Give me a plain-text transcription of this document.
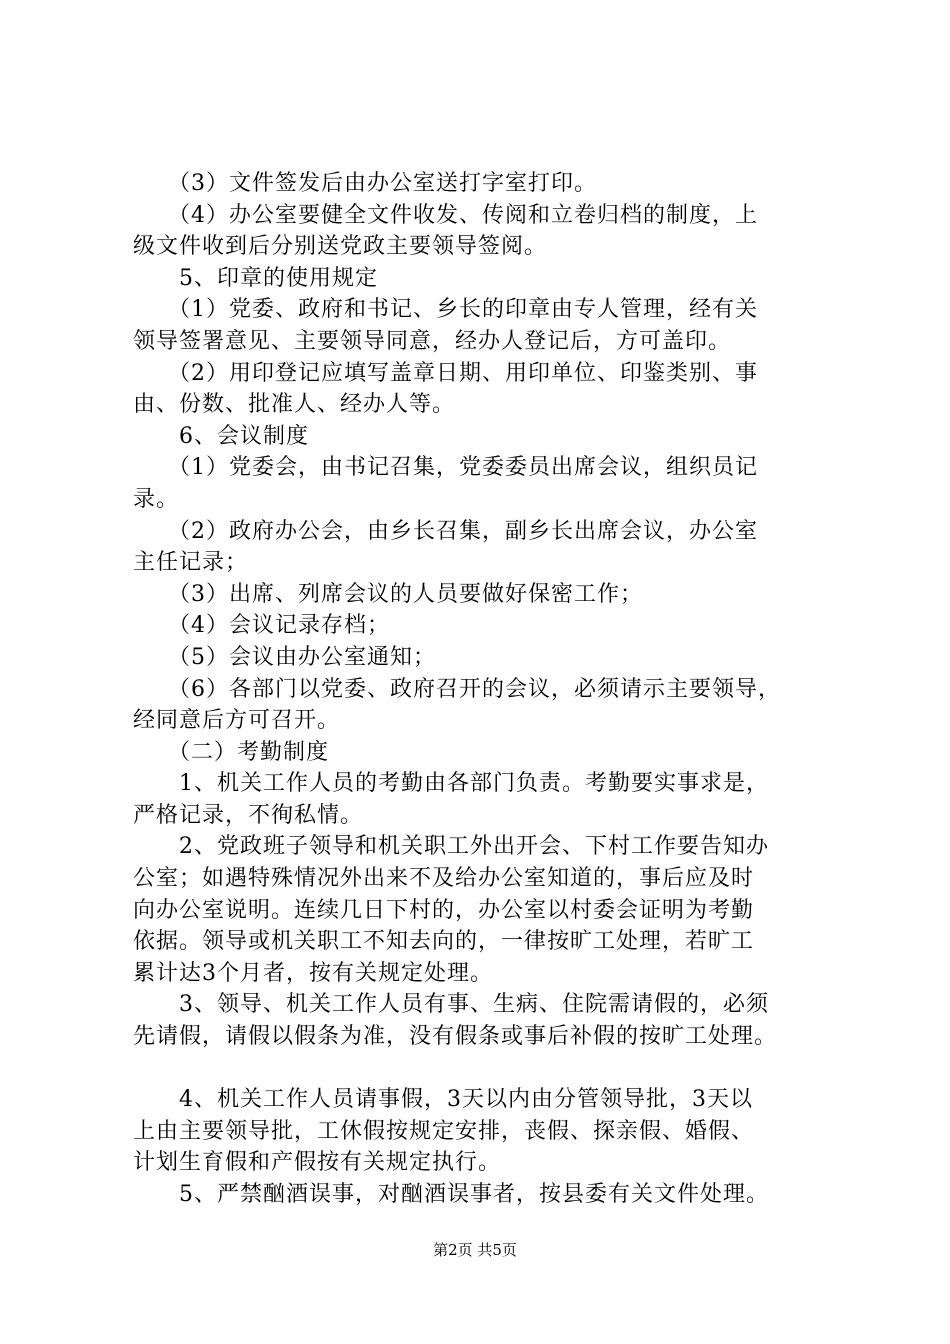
　　（3）文件签发后由办公室送打字室打印。
　　（4）办公室要健全文件收发、传阅和立卷归档的制度，上
级文件收到后分别送党政主要领导签阅。
　　5、印章的使用规定
　　（1）党委、政府和书记、乡长的印章由专人管理，经有关
领导签署意见、主要领导同意，经办人登记后，方可盖印。
　　（2）用印登记应填写盖章日期、用印单位、印鉴类别、事
由、份数、批准人、经办人等。
　　6、会议制度
　　（1）党委会，由书记召集，党委委员出席会议，组织员记
录。
　　（2）政府办公会，由乡长召集，副乡长出席会议，办公室
主任记录；
　　（3）出席、列席会议的人员要做好保密工作；
　　（4）会议记录存档；
　　（5）会议由办公室通知；
　　（6）各部门以党委、政府召开的会议，必须请示主要领导，
经同意后方可召开。
　　（二）考勤制度
　　1、机关工作人员的考勤由各部门负责。考勤要实事求是，
严格记录，不徇私情。
　　2、党政班子领导和机关职工外出开会、下村工作要告知办
公室；如遇特殊情况外出来不及给办公室知道的，事后应及时
向办公室说明。连续几日下村的，办公室以村委会证明为考勤
依据。领导或机关职工不知去向的，一律按旷工处理，若旷工
累计达3个月者，按有关规定处理。
　　3、领导、机关工作人员有事、生病、住院需请假的，必须
先请假，请假以假条为准，没有假条或事后补假的按旷工处理。
　　4、机关工作人员请事假，3天以内由分管领导批，3天以
上由主要领导批，工休假按规定安排，丧假、探亲假、婚假、
计划生育假和产假按有关规定执行。
　　5、严禁酗酒误事，对酗酒误事者，按县委有关文件处理。
第2页 共5页
